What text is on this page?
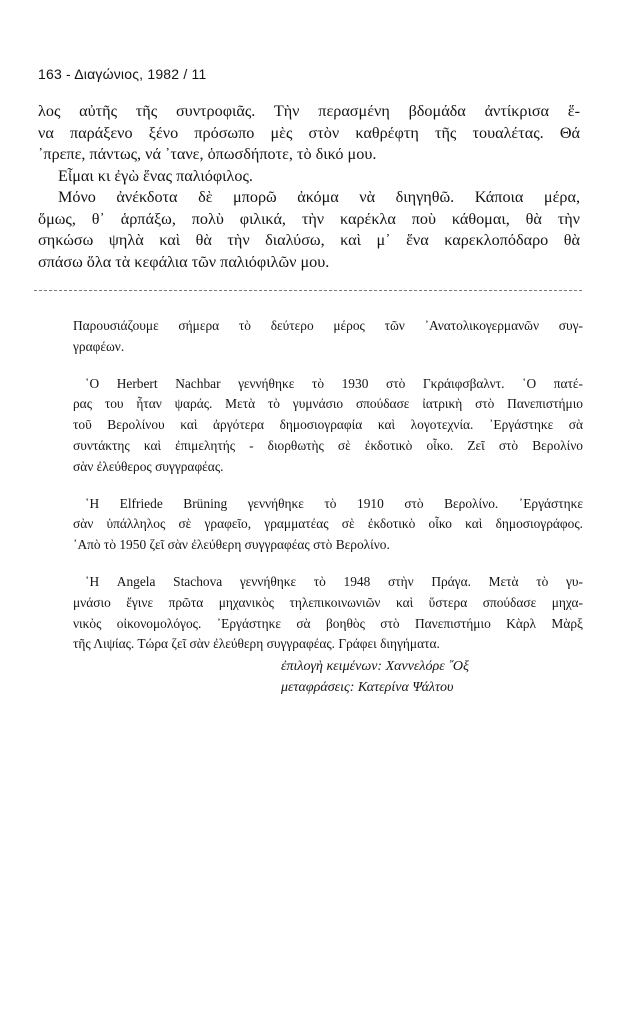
163 - Διαγώνιος, 1982 / 11
λος αὐτῆς τῆς συντροφιᾶς. Τὴν περασμένη βδομάδα ἀντίκρισα ἕ-
να παράξενο ξένο πρόσωπο μὲς στὸν καθρέφτη τῆς τουαλέτας. Θά
᾽πρεπε, πάντως, νά ᾽τανε, ὁπωσδήποτε, τὸ δικό μου.
Εἶμαι κι ἐγὼ ἕνας παλιόφιλος.
Μόνο ἀνέκδοτα δὲ μπορῶ ἀκόμα νὰ διηγηθῶ. Κάποια μέρα,
ὅμως, θ᾽ ἁρπάξω, πολὺ φιλικά, τὴν καρέκλα ποὺ κάθομαι, θὰ τὴν
σηκώσω ψηλὰ καὶ θὰ τὴν διαλύσω, καὶ μ᾽ ἕνα καρεκλοπόδαρο θὰ
σπάσω ὅλα τὰ κεφάλια τῶν παλιόφιλῶν μου.
Παρουσιάζουμε σήμερα τὸ δεύτερο μέρος τῶν ᾽Ανατολικογερμανῶν συγ-
γραφέων.
῾Ο Herbert Nachbar γεννήθηκε τὸ 1930 στὸ Γκράιφσβαλντ. ῾Ο πατέ-
ρας του ἦταν ψαράς. Μετὰ τὸ γυμνάσιο σπούδασε ἰατρικὴ στὸ Πανεπιστήμιο
τοῦ Βερολίνου καὶ ἀργότερα δημοσιογραφία καὶ λογοτεχνία. ᾽Εργάστηκε σὰ
συντάκτης καὶ ἐπιμελητής - διορθωτὴς σὲ ἐκδοτικὸ οἶκο. Ζεῖ στὸ Βερολίνο
σὰν ἐλεύθερος συγγραφέας.
῾Η Elfriede Brüning γεννήθηκε τὸ 1910 στὸ Βερολίνο. ᾽Εργάστηκε
σὰν ὑπάλληλος σὲ γραφεῖο, γραμματέας σὲ ἐκδοτικὸ οἶκο καὶ δημοσιογράφος.
᾽Απὸ τὸ 1950 ζεῖ σὰν ἐλεύθερη συγγραφέας στὸ Βερολίνο.
῾Η Angela Stachova γεννήθηκε τὸ 1948 στὴν Πράγα. Μετὰ τὸ γυ-
μνάσιο ἔγινε πρῶτα μηχανικὸς τηλεπικοινωνιῶν καὶ ὕστερα σπούδασε μηχα-
νικὸς οἰκονομολόγος. ᾽Εργάστηκε σὰ βοηθὸς στὸ Πανεπιστήμιο Κὰρλ Μὰρξ
τῆς Λιψίας. Τώρα ζεῖ σὰν ἐλεύθερη συγγραφέας. Γράφει διηγήματα.
ἐπιλογὴ κειμένων: Χαννελόρε ῎Οξ
μεταφράσεις: Κατερίνα Ψάλτου
